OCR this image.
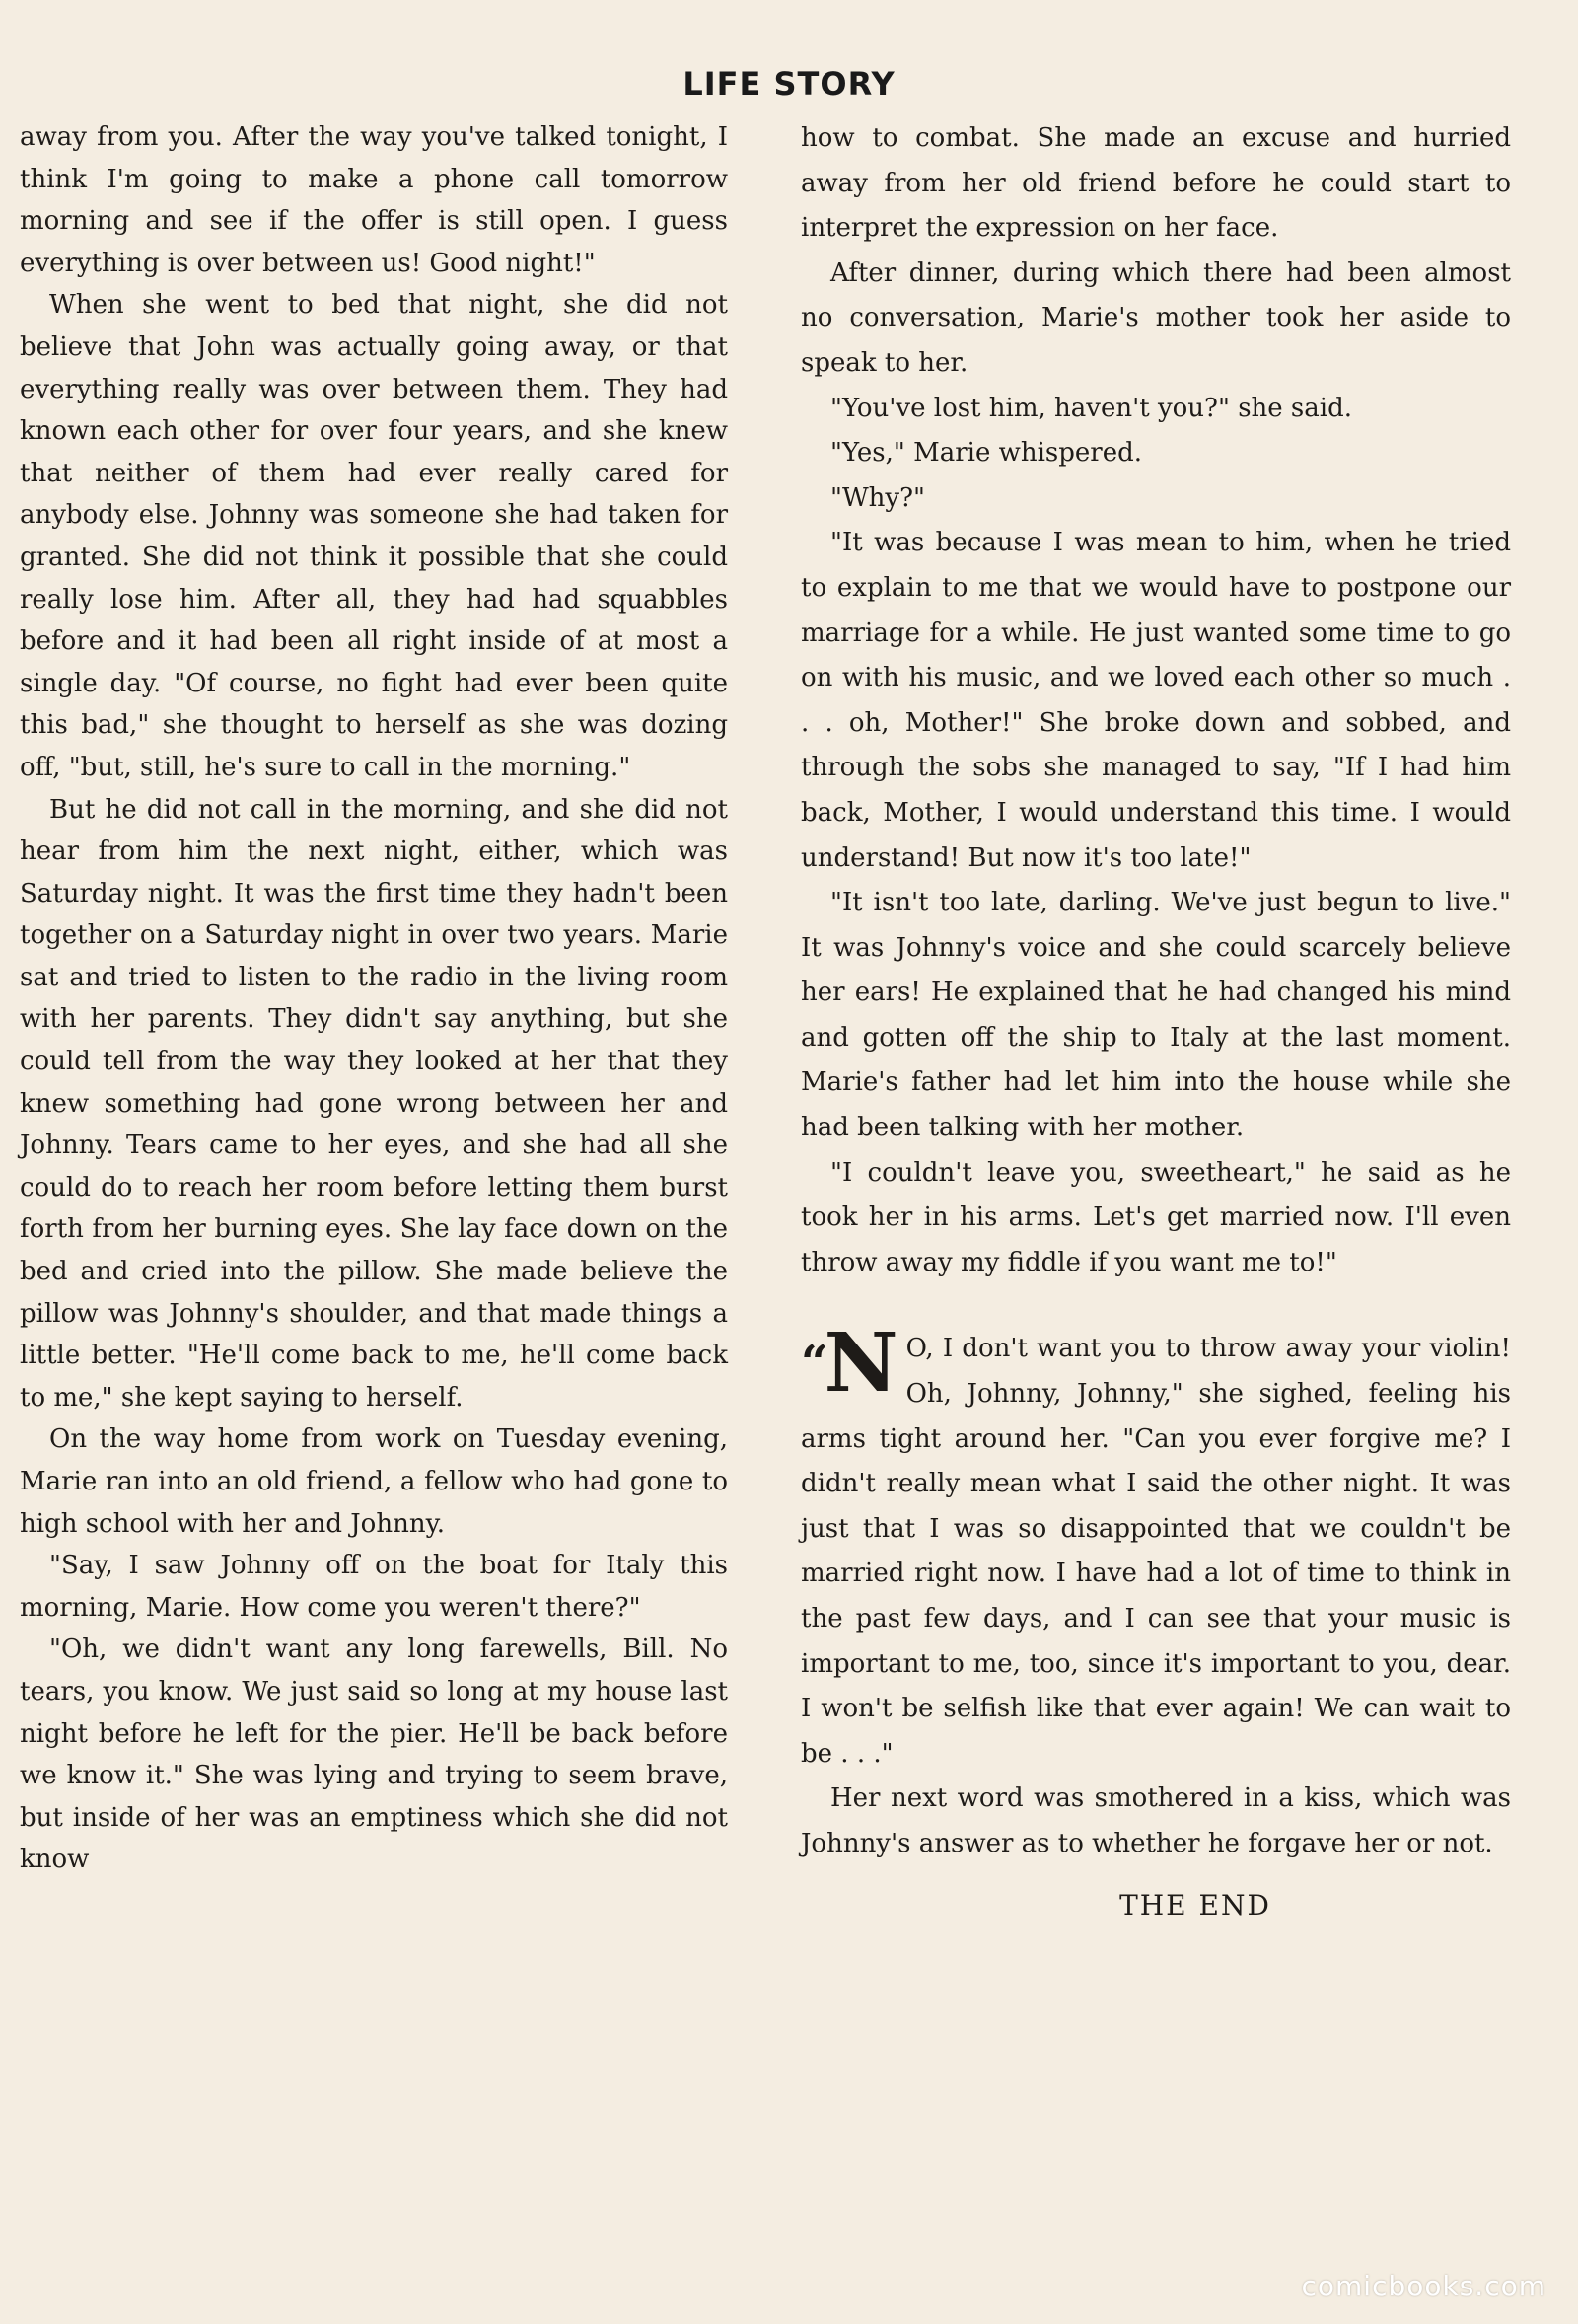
LIFE STORY

away from you. After the way you've talked tonight, I think I'm going to make a phone call tomorrow morning and see if the offer is still open. I guess everything is over between us! Good night!"

When she went to bed that night, she did not believe that John was actually going away, or that everything really was over between them. They had known each other for over four years, and she knew that neither of them had ever really cared for anybody else. Johnny was someone she had taken for granted. She did not think it possible that she could really lose him. After all, they had had squabbles before and it had been all right inside of at most a single day. "Of course, no fight had ever been quite this bad," she thought to herself as she was dozing off, "but, still, he's sure to call in the morning."

But he did not call in the morning, and she did not hear from him the next night, either, which was Saturday night. It was the first time they hadn't been together on a Saturday night in over two years. Marie sat and tried to listen to the radio in the living room with her parents. They didn't say anything, but she could tell from the way they looked at her that they knew something had gone wrong between her and Johnny. Tears came to her eyes, and she had all she could do to reach her room before letting them burst forth from her burning eyes. She lay face down on the bed and cried into the pillow. She made believe the pillow was Johnny's shoulder, and that made things a little better. "He'll come back to me, he'll come back to me," she kept saying to herself.

On the way home from work on Tuesday evening, Marie ran into an old friend, a fellow who had gone to high school with her and Johnny.

"Say, I saw Johnny off on the boat for Italy this morning, Marie. How come you weren't there?"

"Oh, we didn't want any long farewells, Bill. No tears, you know. We just said so long at my house last night before he left for the pier. He'll be back before we know it." She was lying and trying to seem brave, but inside of her was an emptiness which she did not know

how to combat. She made an excuse and hurried away from her old friend before he could start to interpret the expression on her face.

After dinner, during which there had been almost no conversation, Marie's mother took her aside to speak to her.

"You've lost him, haven't you?" she said.

"Yes," Marie whispered.

"Why?"

"It was because I was mean to him, when he tried to explain to me that we would have to postpone our marriage for a while. He just wanted some time to go on with his music, and we loved each other so much . . . oh, Mother!" She broke down and sobbed, and through the sobs she managed to say, "If I had him back, Mother, I would understand this time. I would understand! But now it's too late!"

"It isn't too late, darling. We've just begun to live." It was Johnny's voice and she could scarcely believe her ears! He explained that he had changed his mind and gotten off the ship to Italy at the last moment. Marie's father had let him into the house while she had been talking with her mother.

"I couldn't leave you, sweetheart," he said as he took her in his arms. Let's get married now. I'll even throw away my fiddle if you want me to!"

“N O, I don't want you to throw away your violin! Oh, Johnny, Johnny," she sighed, feeling his arms tight around her. "Can you ever forgive me? I didn't really mean what I said the other night. It was just that I was so disappointed that we couldn't be married right now. I have had a lot of time to think in the past few days, and I can see that your music is important to me, too, since it's important to you, dear. I won't be selfish like that ever again! We can wait to be . . ."

Her next word was smothered in a kiss, which was Johnny's answer as to whether he forgave her or not.

THE END
comicbooks.com
